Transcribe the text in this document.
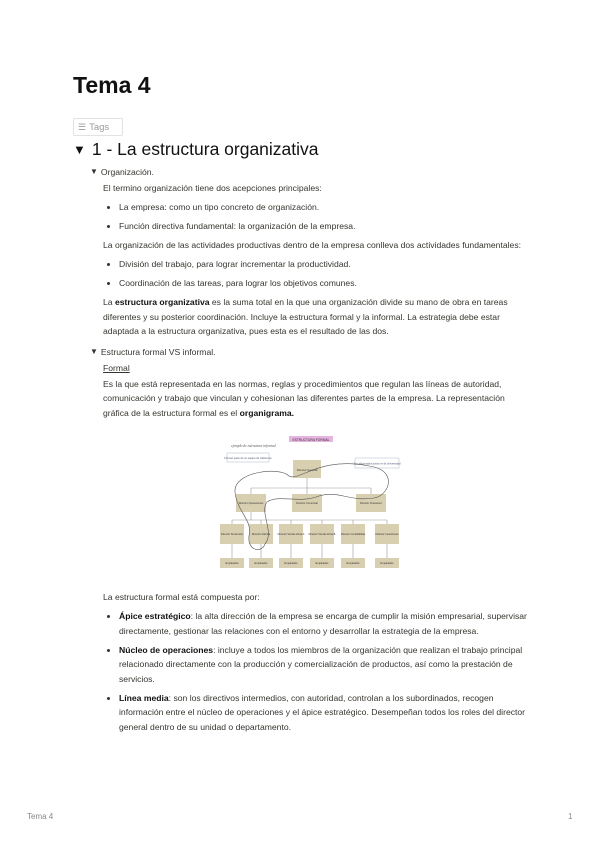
Tema 4
☰ Tags
▼ 1 - La estructura organizativa
▼ Organización.

El termino organización tiene dos acepciones principales:

• La empresa: como un tipo concreto de organización.
• Función directiva fundamental: la organización de la empresa.

La organización de las actividades productivas dentro de la empresa conlleva dos actividades fundamentales:

• División del trabajo, para lograr incrementar la productividad.
• Coordinación de las tareas, para lograr los objetivos comunes.

La estructura organizativa es la suma total en la que una organización divide su mano de obra en tareas diferentes y su posterior coordinación. Incluye la estructura formal y la informal. La estrategia debe estar adaptada a la estructura organizativa, pues esta es el resultado de las dos.

▼ Estructura formal VS informal.

Formal

Es la que está representada en las normas, reglas y procedimientos que regulan las líneas de autoridad, comunicación y trabajo que vinculan y cohesionan las diferentes partes de la empresa. La representación gráfica de la estructura formal es el organigrama.

ESTRUCTURA FORMAL
ejemplo de estructura informal
Forman parte de un equipo de rideburreo
Son aficionados juntos en la Universidad
Director General
Director Operaciones	Director Comercial	Director Financiero
Director Suministro	Director Fabrica	Director Ventas Zona A Director Ventas Zona B Director Contabilidad	Director Inversiones
Empleados	Empleados	Empleados	Empleados	Empleados	Empleados

La estructura formal está compuesta por:

• Ápice estratégico: la alta dirección de la empresa se encarga de cumplir la misión empresarial, supervisar directamente, gestionar las relaciones con el entorno y desarrollar la estrategia de la empresa.
• Núcleo de operaciones: incluye a todos los miembros de la organización que realizan el trabajo principal relacionado directamente con la producción y comercialización de productos, así como la prestación de servicios.
• Línea media: son los directivos intermedios, con autoridad, controlan a los subordinados, recogen información entre el núcleo de operaciones y el ápice estratégico. Desempeñan todos los roles del director general dentro de su unidad o departamento.
Tema 4	1
